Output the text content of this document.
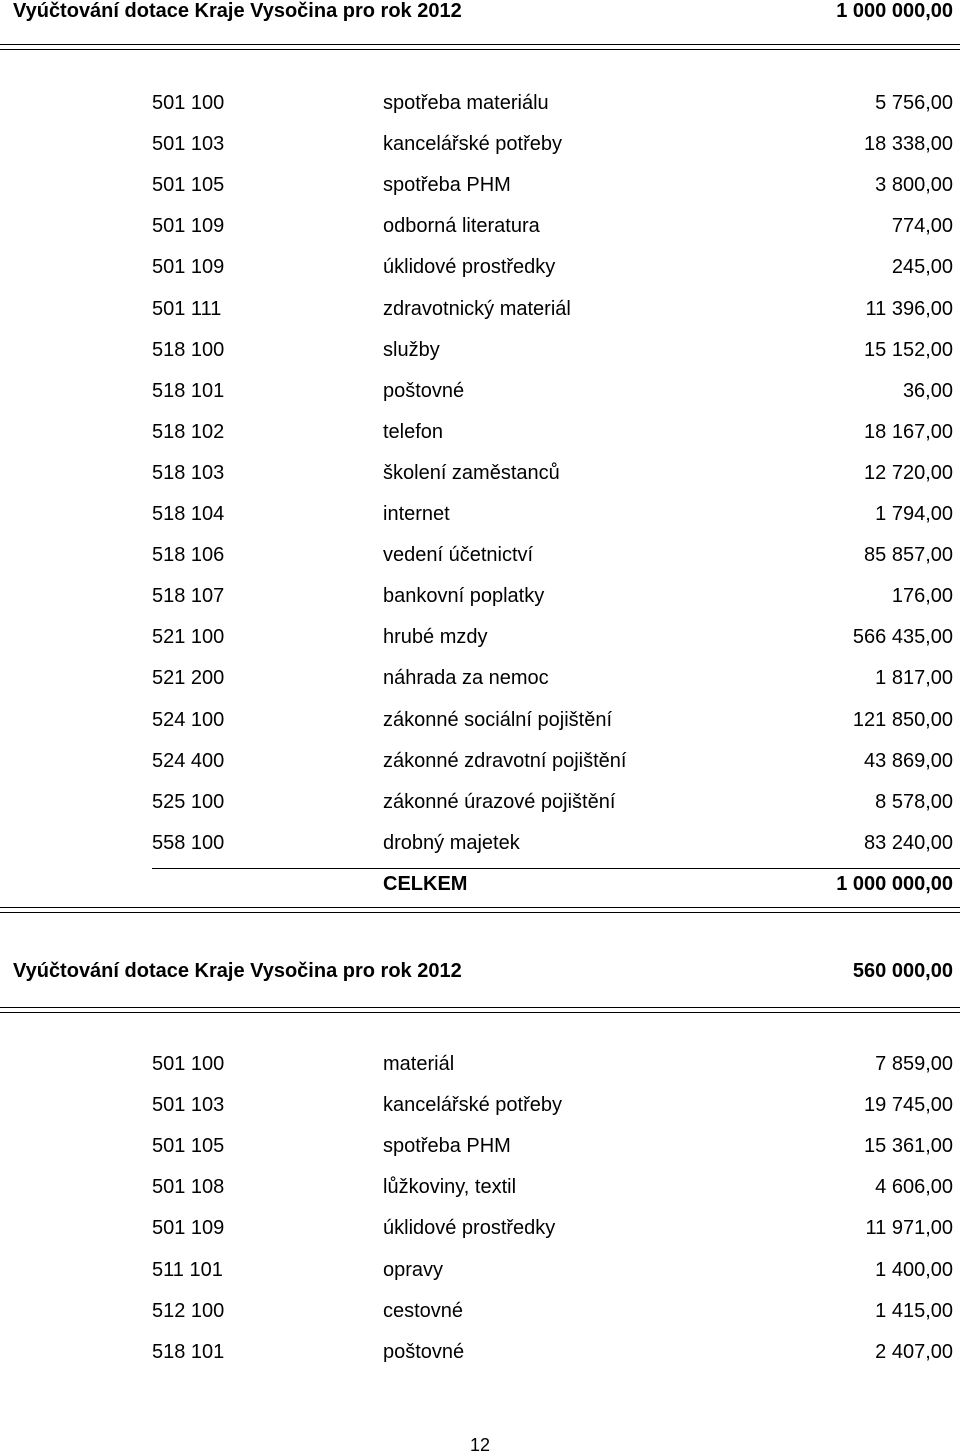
Vyúčtování dotace Kraje Vysočina pro rok 2012	1 000 000,00
501 100	spotřeba materiálu	5 756,00
501 103	kancelářské potřeby	18 338,00
501 105	spotřeba PHM	3 800,00
501 109	odborná literatura	774,00
501 109	úklidové prostředky	245,00
501 111	zdravotnický materiál	11 396,00
518 100	služby	15 152,00
518 101	poštovné	36,00
518 102	telefon	18 167,00
518 103	školení zaměstanců	12 720,00
518 104	internet	1 794,00
518 106	vedení účetnictví	85 857,00
518 107	bankovní poplatky	176,00
521 100	hrubé mzdy	566 435,00
521 200	náhrada za nemoc	1 817,00
524 100	zákonné sociální pojištění	121 850,00
524 400	zákonné zdravotní pojištění	43 869,00
525 100	zákonné úrazové pojištění	8 578,00
558 100	drobný majetek	83 240,00
CELKEM	1 000 000,00
Vyúčtování dotace Kraje Vysočina pro rok 2012	560 000,00
501 100	materiál	7 859,00
501 103	kancelářské potřeby	19 745,00
501 105	spotřeba PHM	15 361,00
501 108	lůžkoviny, textil	4 606,00
501 109	úklidové prostředky	11 971,00
511 101	opravy	1 400,00
512 100	cestovné	1 415,00
518 101	poštovné	2 407,00
12
